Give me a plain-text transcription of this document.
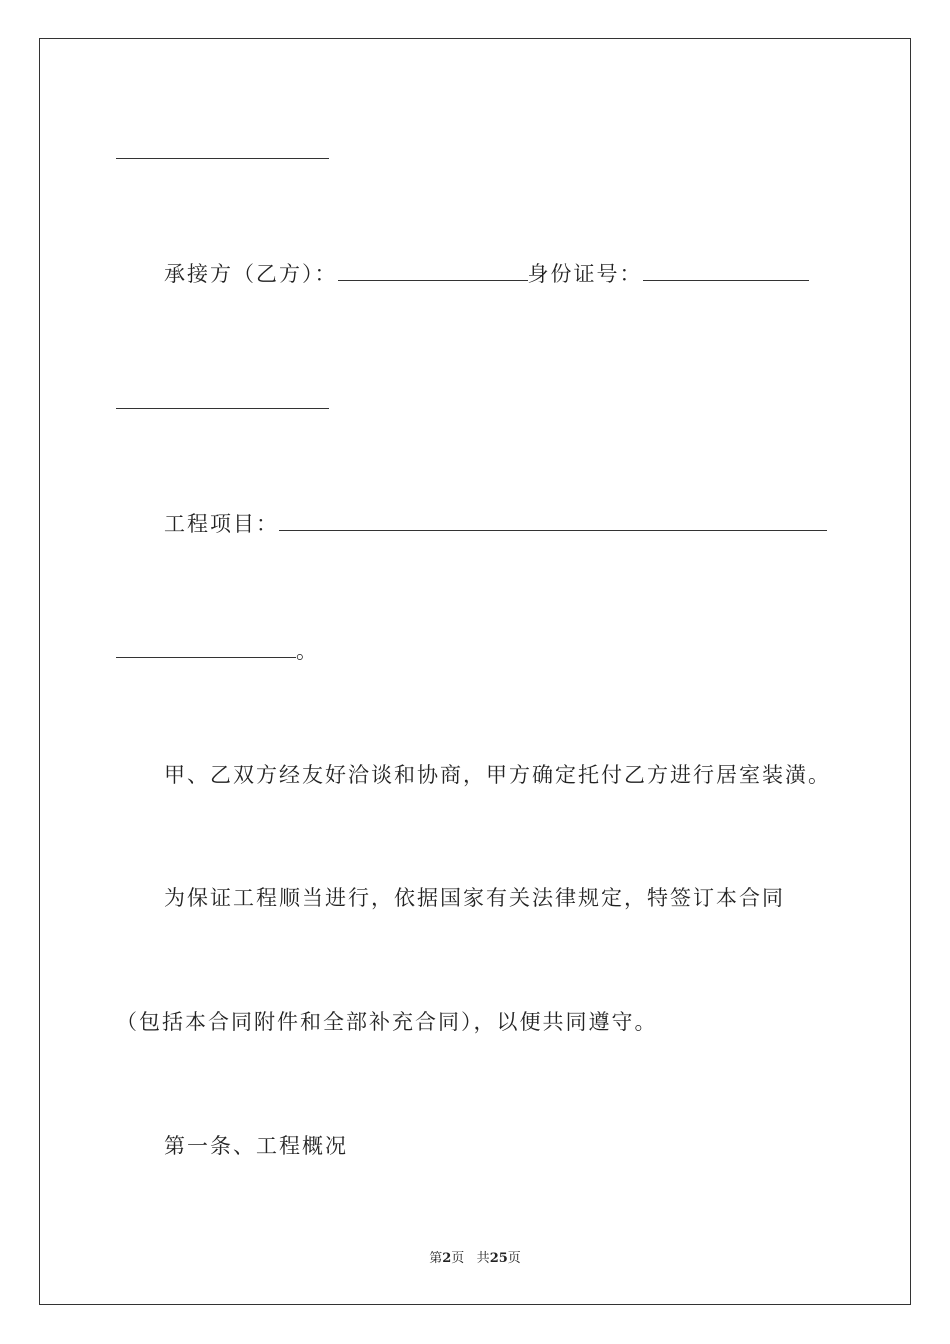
承接方（乙方）：	身份证号：
工程项目：
。
甲、乙双方经友好洽谈和协商，甲方确定托付乙方进行居室装潢。
为保证工程顺当进行，依据国家有关法律规定，特签订本合同
（包括本合同附件和全部补充合同），以便共同遵守。
第一条、工程概况
第2页 共25页
